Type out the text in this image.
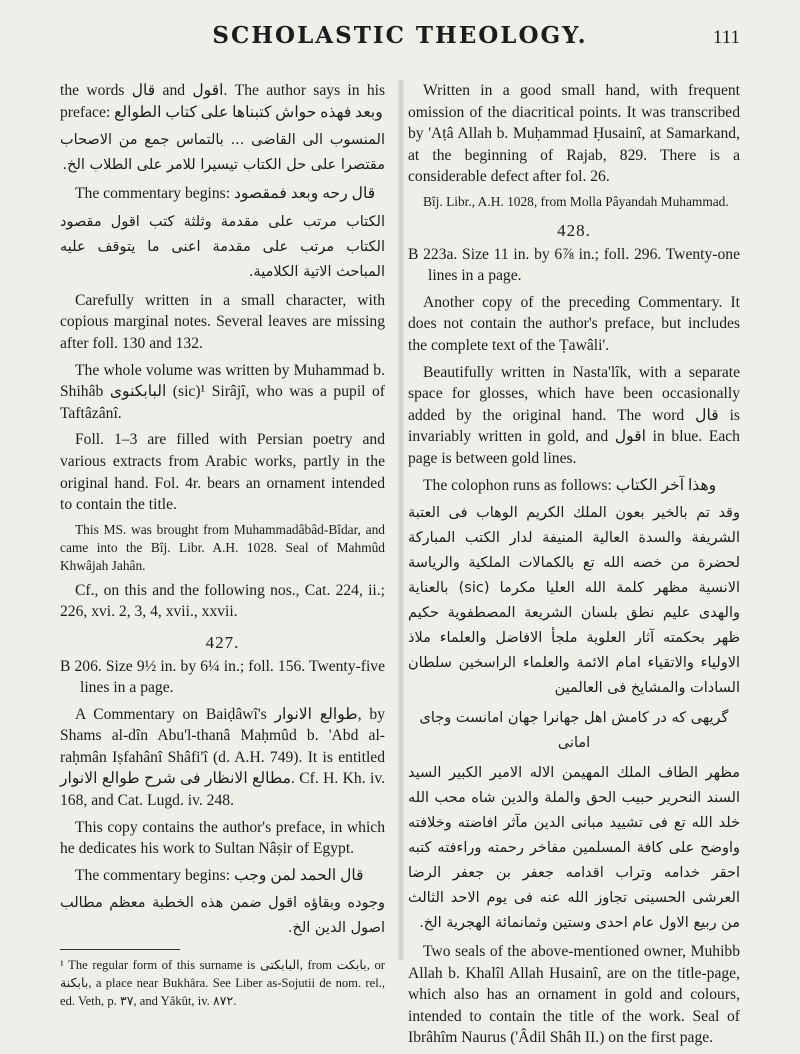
SCHOLASTIC THEOLOGY.	111

the words قال and اقول. The author says in his preface: وبعد فهذه حواش كتبناها على كتاب الطوالع

المنسوب الى القاضى ... بالتماس جمع من الاصحاب مقتصرا على حل الكتاب تيسيرا للامر على الطلاب الخ.

The commentary begins: قال رحه وبعد فمقصود

الكتاب مرتب على مقدمة وثلثة كتب اقول مقصود الكتاب مرتب على مقدمة اعنى ما يتوقف عليه المباحث الاتية الكلامية.

Carefully written in a small character, with copious marginal notes. Several leaves are missing after foll. 130 and 132.

The whole volume was written by Muhammad b. Shihâb البابكنوى (sic)¹ Sirâjî, who was a pupil of Taftâzânî.

Foll. 1–3 are filled with Persian poetry and various extracts from Arabic works, partly in the original hand. Fol. 4r. bears an ornament intended to contain the title.

This MS. was brought from Muhammadâbâd-Bîdar, and came into the Bîj. Libr. A.H. 1028. Seal of Mahmûd Khwâjah Jahân.

Cf., on this and the following nos., Cat. 224, ii.; 226, xvi. 2, 3, 4, xvii., xxvii.

427.

B 206. Size 9½ in. by 6¼ in.; foll. 156. Twenty-five lines in a page.

A Commentary on Baiḍâwî's طوالع الانوار, by Shams al-dîn Abu'l-thanâ Maḥmûd b. 'Abd al-raḥmân Iṣfahânî Shâfi'î (d. A.H. 749). It is entitled مطالع الانظار فى شرح طوالع الانوار. Cf. H. Kh. iv. 168, and Cat. Lugd. iv. 248.

This copy contains the author's preface, in which he dedicates his work to Sultan Nâṣir of Egypt.

The commentary begins: قال الحمد لمن وجب

وجوده وبقاؤه اقول ضمن هذه الخطبة معظم مطالب اصول الدين الخ.

¹ The regular form of this surname is البابكتى, from بابكت, or بابكنة, a place near Bukhâra. See Liber as-Sojutii de nom. rel., ed. Veth, p. ٣٧, and Yâkût, iv. ٨٧٢.

Written in a good small hand, with frequent omission of the diacritical points. It was transcribed by 'Aṭâ Allah b. Muḥammad Ḥusainî, at Samarkand, at the beginning of Rajab, 829. There is a considerable defect after fol. 26.

Bîj. Libr., A.H. 1028, from Molla Pâyandah Muhammad.

428.

B 223a. Size 11 in. by 6⅞ in.; foll. 296. Twenty-one lines in a page.

Another copy of the preceding Commentary. It does not contain the author's preface, but includes the complete text of the Ṭawâli'.

Beautifully written in Nasta'lîk, with a separate space for glosses, which have been occasionally added by the original hand. The word قال is invariably written in gold, and اقول in blue. Each page is between gold lines.

The colophon runs as follows: وهذا آخر الكتاب

وقد تم بالخير بعون الملك الكريم الوهاب فى العتبة الشريفة والسدة العالية المنيفة لدار الكتب المباركة لحضرة من خصه الله تع بالكمالات الملكية والرياسة الانسية مظهر كلمة الله العليا مكرما (sic) بالعناية والهدى عليم نطق بلسان الشريعة المصطفوية حكيم ظهر بحكمته آثار العلوية ملجأ الافاضل والعلماء ملاذ الاولياء والاتقياء امام الائمة والعلماء الراسخين سلطان السادات والمشايخ فى العالمين

گريهى كه در كامش اهل جهانرا جهان امانست وجاى امانى

مظهر الطاف الملك المهيمن الاله الامير الكبير السيد السند النحرير حبيب الحق والملة والدين شاه محب الله خلد الله تع فى تشييد مبانى الدين مآثر افاضته وخلافته واوضح على كافة المسلمين مفاخر رحمته وراءفته كتبه احقر خدامه وتراب اقدامه جعفر بن جعفر الرضا العرشى الحسينى تجاوز الله عنه فى يوم الاحد الثالث من ربيع الاول عام احدى وستين وثمانمائة الهجرية الخ.

Two seals of the above-mentioned owner, Muhibb Allah b. Khalîl Allah Husainî, are on the title-page, which also has an ornament in gold and colours, intended to contain the title of the work. Seal of Ibrâhîm Naurus ('Âdil Shâh II.) on the first page.
